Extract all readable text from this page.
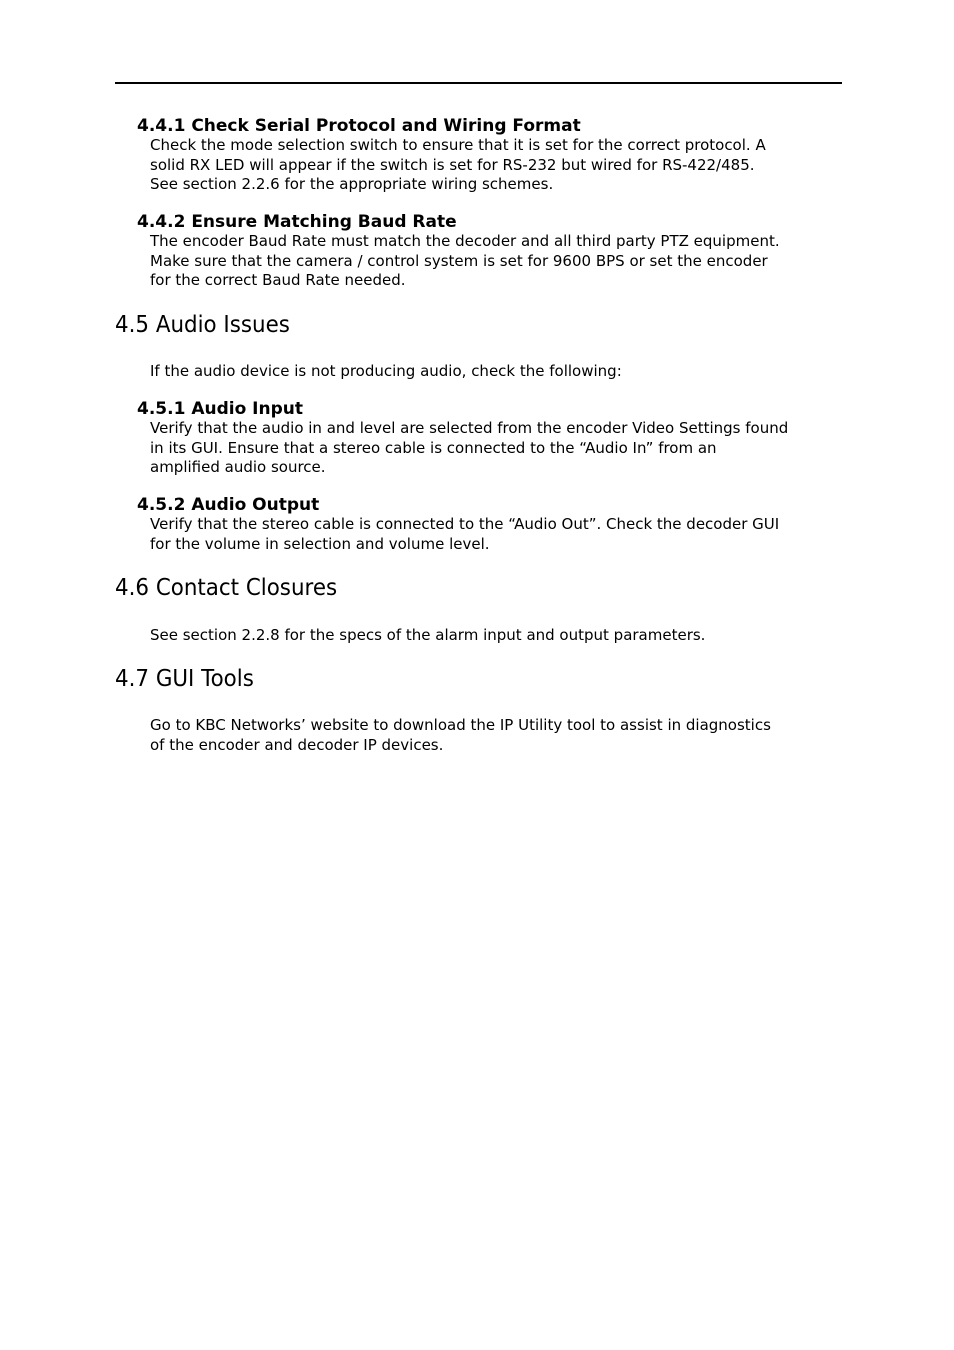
4.4.1 Check Serial Protocol and Wiring Format
Check the mode selection switch to ensure that it is set for the correct protocol. A
solid RX LED will appear if the switch is set for RS-232 but wired for RS-422/485.
See section 2.2.6 for the appropriate wiring schemes.
4.4.2 Ensure Matching Baud Rate
The encoder Baud Rate must match the decoder and all third party PTZ equipment.
Make sure that the camera / control system is set for 9600 BPS or set the encoder
for the correct Baud Rate needed.
4.5 Audio Issues
If the audio device is not producing audio, check the following:
4.5.1 Audio Input
Verify that the audio in and level are selected from the encoder Video Settings found
in its GUI. Ensure that a stereo cable is connected to the “Audio In” from an
amplified audio source.
4.5.2 Audio Output
Verify that the stereo cable is connected to the “Audio Out”. Check the decoder GUI
for the volume in selection and volume level.
4.6 Contact Closures
See section 2.2.8 for the specs of the alarm input and output parameters.
4.7 GUI Tools
Go to KBC Networks’ website to download the IP Utility tool to assist in diagnostics
of the encoder and decoder IP devices.
